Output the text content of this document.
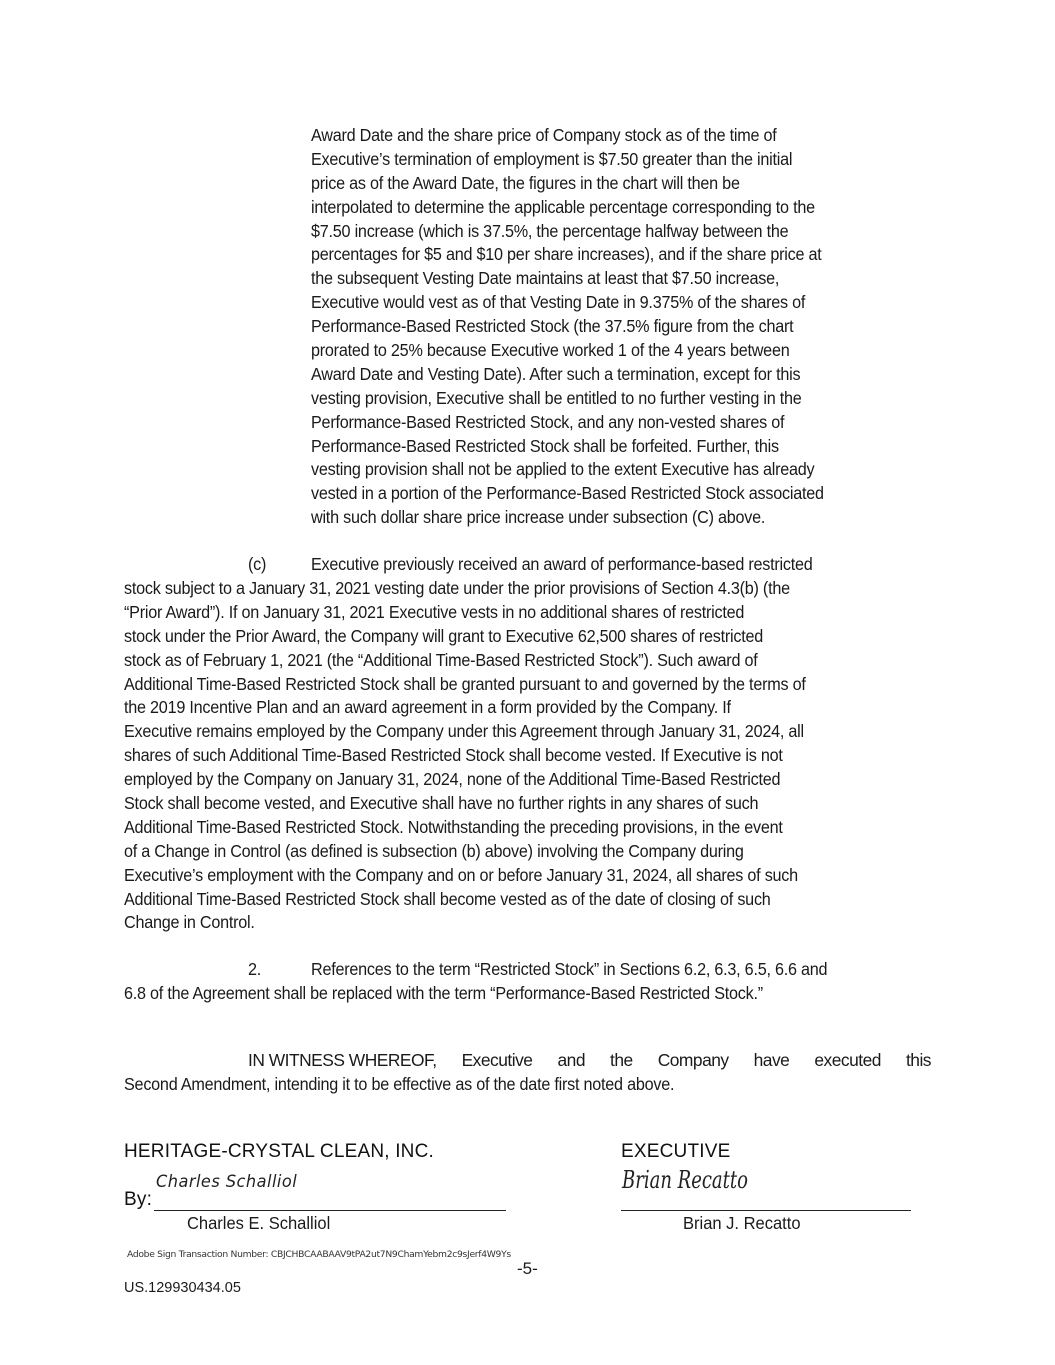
Award Date and the share price of Company stock as of the time of
Executive’s termination of employment is $7.50 greater than the initial
price as of the Award Date, the figures in the chart will then be
interpolated to determine the applicable percentage corresponding to the
$7.50 increase (which is 37.5%, the percentage halfway between the
percentages for $5 and $10 per share increases), and if the share price at
the subsequent Vesting Date maintains at least that $7.50 increase,
Executive would vest as of that Vesting Date in 9.375% of the shares of
Performance-Based Restricted Stock (the 37.5% figure from the chart
prorated to 25% because Executive worked 1 of the 4 years between
Award Date and Vesting Date). After such a termination, except for this
vesting provision, Executive shall be entitled to no further vesting in the
Performance-Based Restricted Stock, and any non-vested shares of
Performance-Based Restricted Stock shall be forfeited. Further, this
vesting provision shall not be applied to the extent Executive has already
vested in a portion of the Performance-Based Restricted Stock associated
with such dollar share price increase under subsection (C) above.
(c)	Executive previously received an award of performance-based restricted
stock subject to a January 31, 2021 vesting date under the prior provisions of Section 4.3(b) (the
“Prior Award”). If on January 31, 2021 Executive vests in no additional shares of restricted
stock under the Prior Award, the Company will grant to Executive 62,500 shares of restricted
stock as of February 1, 2021 (the “Additional Time-Based Restricted Stock”). Such award of
Additional Time-Based Restricted Stock shall be granted pursuant to and governed by the terms of
the 2019 Incentive Plan and an award agreement in a form provided by the Company. If
Executive remains employed by the Company under this Agreement through January 31, 2024, all
shares of such Additional Time-Based Restricted Stock shall become vested. If Executive is not
employed by the Company on January 31, 2024, none of the Additional Time-Based Restricted
Stock shall become vested, and Executive shall have no further rights in any shares of such
Additional Time-Based Restricted Stock. Notwithstanding the preceding provisions, in the event
of a Change in Control (as defined is subsection (b) above) involving the Company during
Executive’s employment with the Company and on or before January 31, 2024, all shares of such
Additional Time-Based Restricted Stock shall become vested as of the date of closing of such
Change in Control.
2.	References to the term “Restricted Stock” in Sections 6.2, 6.3, 6.5, 6.6 and
6.8 of the Agreement shall be replaced with the term “Performance-Based Restricted Stock.”
IN WITNESS WHEREOF, Executive and the Company have executed this
Second Amendment, intending it to be effective as of the date first noted above.
HERITAGE-CRYSTAL CLEAN, INC.
Charles Schalliol
By:
Charles E. Schalliol
EXECUTIVE
Brian Recatto
Brian J. Recatto
Adobe Sign Transaction Number: CBJCHBCAABAAV9tPA2ut7N9ChamYebm2c9sJerf4W9Ys
-5-
US.129930434.05
